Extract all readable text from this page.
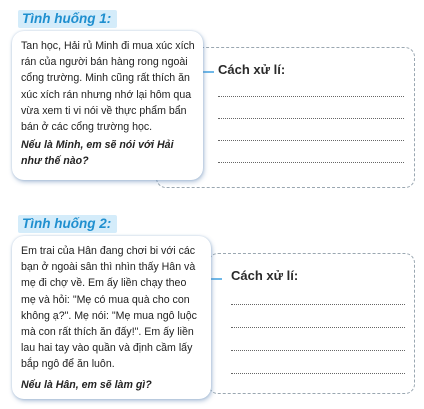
Tình huống 1:
Cách xử lí:

Tan học, Hải rủ Minh đi mua xúc xích rán của người bán hàng rong ngoài cổng trường. Minh cũng rất thích ăn xúc xích rán nhưng nhớ lại hôm qua vừa xem ti vi nói về thực phẩm bẩn bán ở các cổng trường học.

Nếu là Minh, em sẽ nói với Hải như thế nào?

Tình huống 2:
Cách xử lí:

Em trai của Hân đang chơi bi với các bạn ở ngoài sân thì nhìn thấy Hân và mẹ đi chợ về. Em ấy liền chạy theo mẹ và hỏi: "Mẹ có mua quà cho con không ạ?". Mẹ nói: "Mẹ mua ngô luộc mà con rất thích ăn đấy!". Em ấy liền lau hai tay vào quần và định cầm lấy bắp ngô để ăn luôn.

Nếu là Hân, em sẽ làm gì?
